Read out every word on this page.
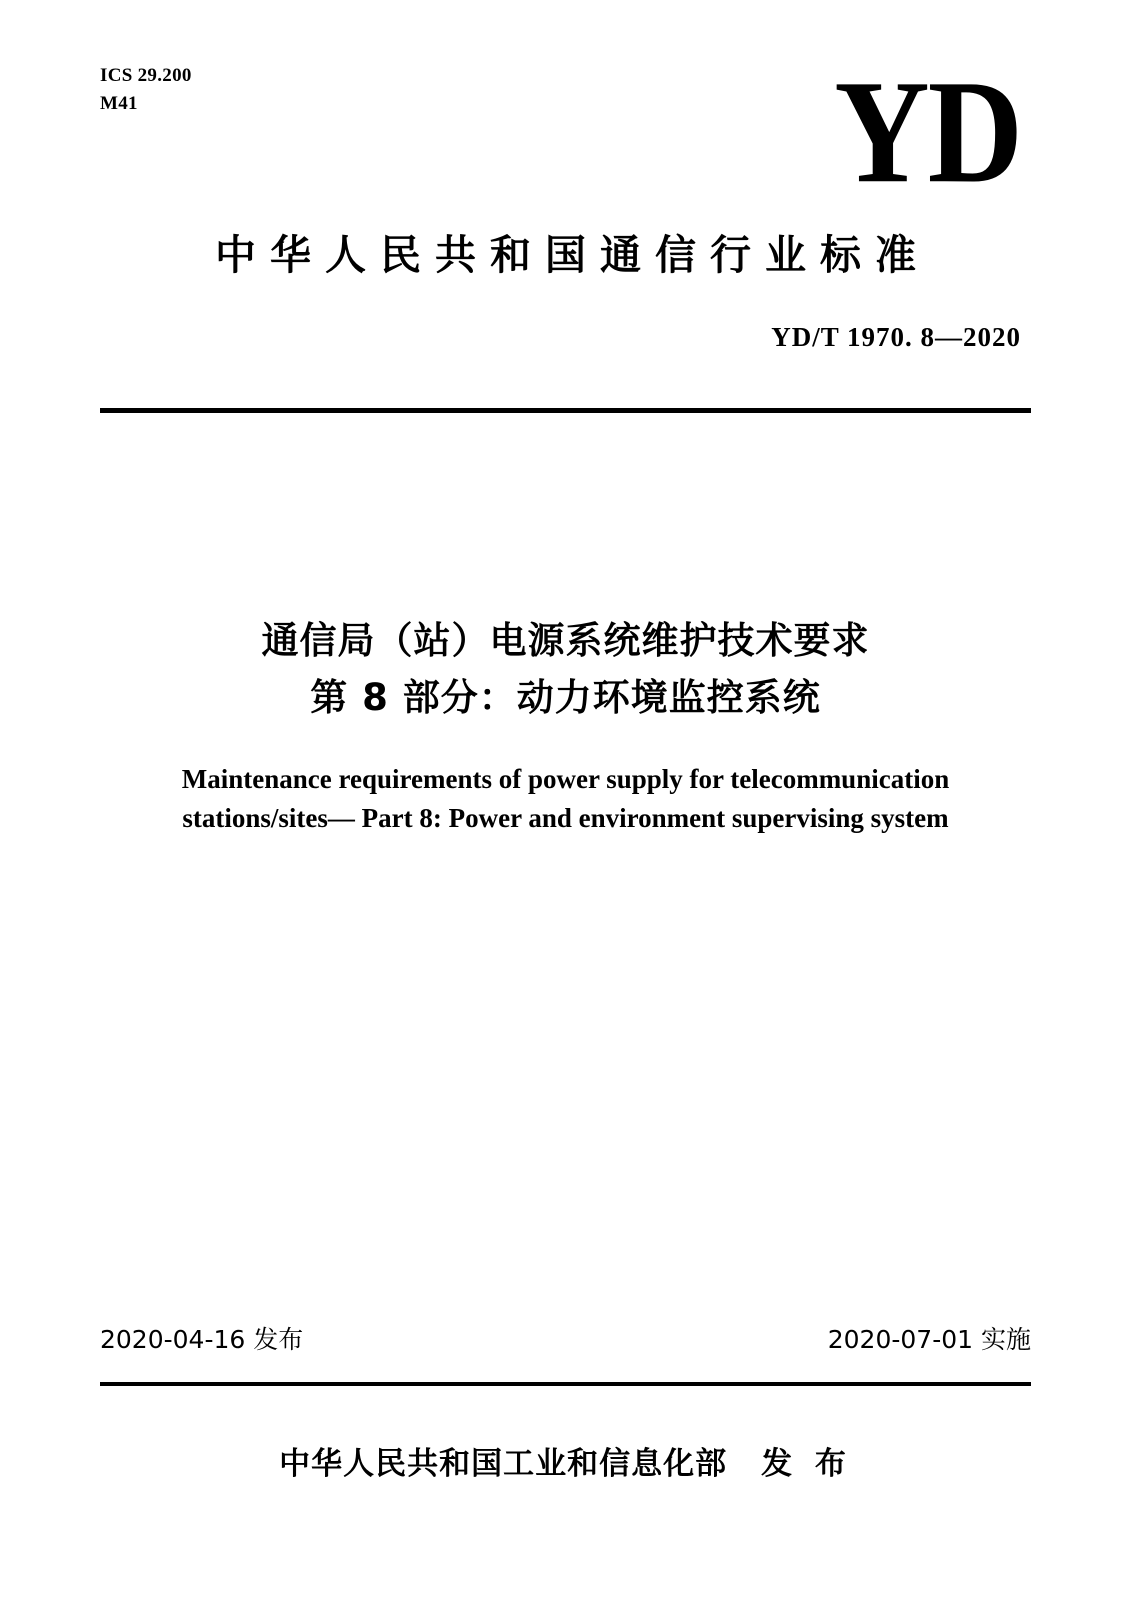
ICS 29.200
M41	YD
中华人民共和国通信行业标准
YD/T 1970. 8—2020
通信局（站）电源系统维护技术要求
第 8 部分：动力环境监控系统
Maintenance requirements of power supply for telecommunication
stations/sites— Part 8: Power and environment supervising system
2020-04-16 发布	2020-07-01 实施
中华人民共和国工业和信息化部 发 布
